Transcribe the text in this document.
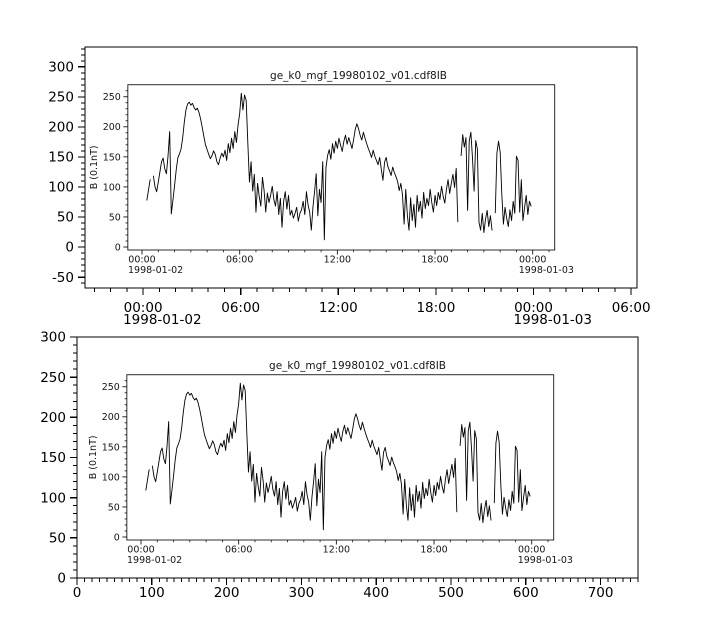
-50
0
50
100
150
200
250
300
00:00
1998-01-02
06:00	12:00	18:00	00:00
1998-01-03
06:00
ge_k0_mgf_19980102_v01.cdf8IB
0
50
100
150
200
250
B (0.1nT)
00:00
1998-01-02
06:00	12:00	18:00	00:00
1998-01-03
0
50
100
150
200
250
300
0	100	200	300	400	500	600	700
ge_k0_mgf_19980102_v01.cdf8IB
0
50
100
150
200
250
B (0.1nT)
00:00
1998-01-02
06:00	12:00	18:00	00:00
1998-01-03
